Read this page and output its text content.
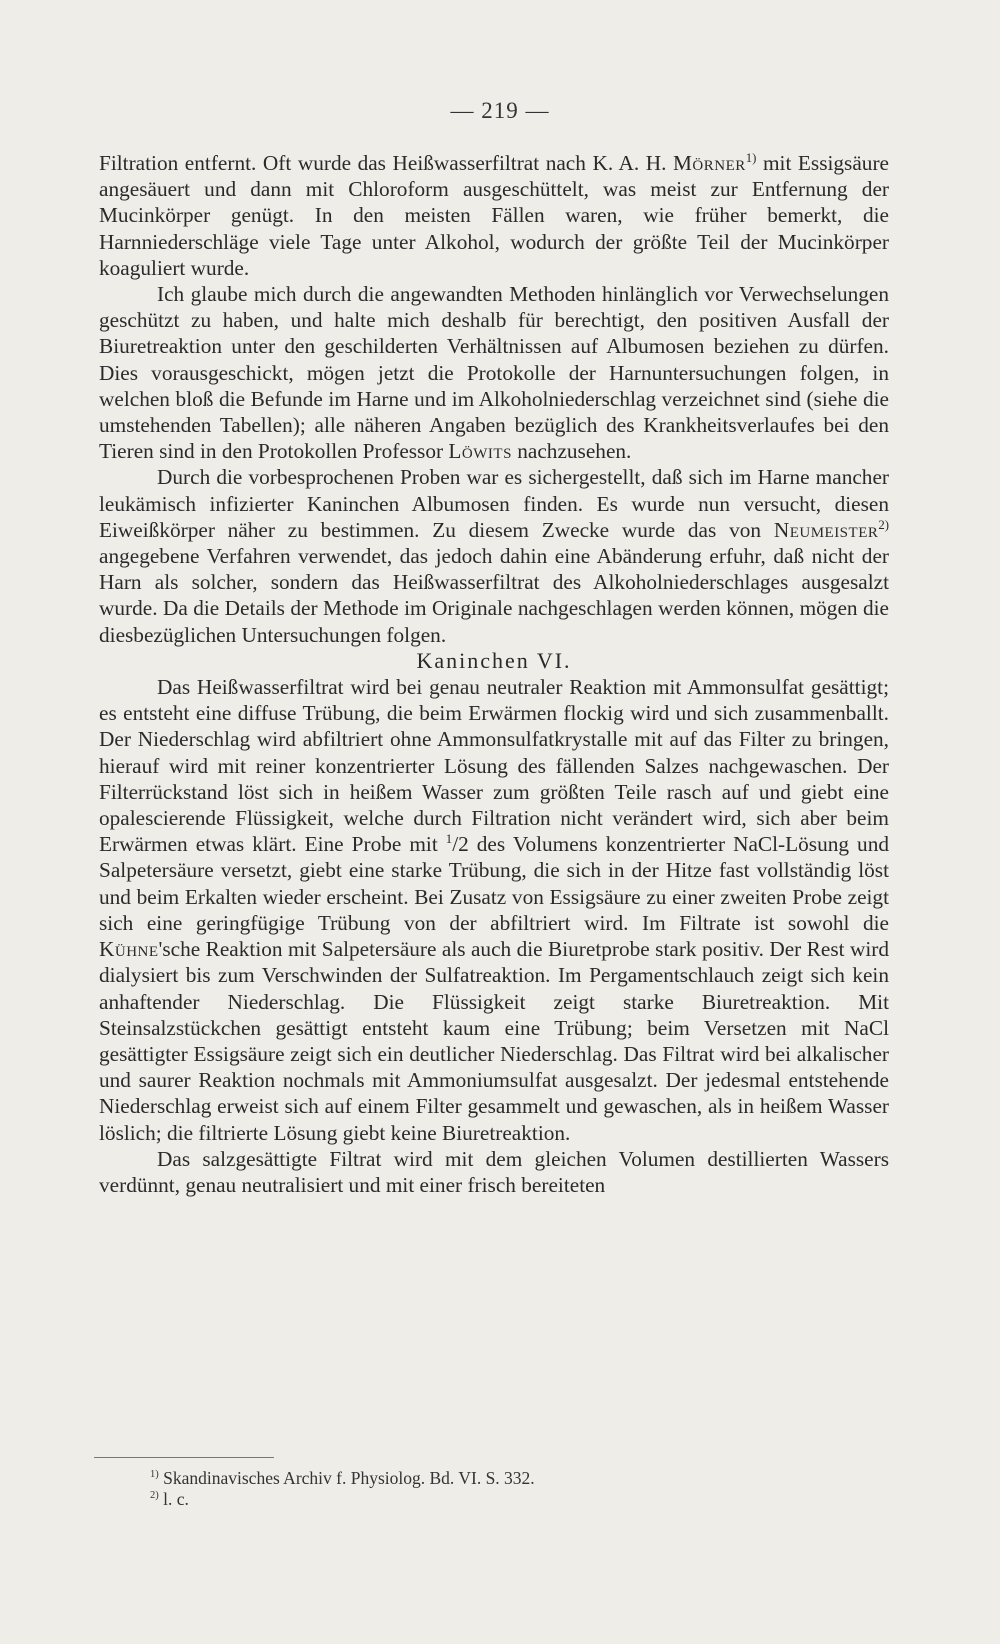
— 219 —

Filtration entfernt. Oft wurde das Heißwasserfiltrat nach K. A. H. Mörner$^{1)}$ mit Essigsäure angesäuert und dann mit Chloroform ausgeschüttelt, was meist zur Entfernung der Mucinkörper genügt. In den meisten Fällen waren, wie früher bemerkt, die Harnniederschläge viele Tage unter Alkohol, wodurch der größte Teil der Mucinkörper koaguliert wurde.

Ich glaube mich durch die angewandten Methoden hinlänglich vor Verwechselungen geschützt zu haben, und halte mich deshalb für berechtigt, den positiven Ausfall der Biuretreaktion unter den geschilderten Verhältnissen auf Albumosen beziehen zu dürfen. Dies vorausgeschickt, mögen jetzt die Protokolle der Harnuntersuchungen folgen, in welchen bloß die Befunde im Harne und im Alkoholniederschlag verzeichnet sind (siehe die umstehenden Tabellen); alle näheren Angaben bezüglich des Krankheitsverlaufes bei den Tieren sind in den Protokollen Professor Löwits nachzusehen.

Durch die vorbesprochenen Proben war es sichergestellt, daß sich im Harne mancher leukämisch infizierter Kaninchen Albumosen finden. Es wurde nun versucht, diesen Eiweißkörper näher zu bestimmen. Zu diesem Zwecke wurde das von Neumeister$^{2)}$ angegebene Verfahren verwendet, das jedoch dahin eine Abänderung erfuhr, daß nicht der Harn als solcher, sondern das Heißwasserfiltrat des Alkoholniederschlages ausgesalzt wurde. Da die Details der Methode im Originale nachgeschlagen werden können, mögen die diesbezüglichen Untersuchungen folgen.

Kaninchen VI.

Das Heißwasserfiltrat wird bei genau neutraler Reaktion mit Ammonsulfat gesättigt; es entsteht eine diffuse Trübung, die beim Erwärmen flockig wird und sich zusammenballt. Der Niederschlag wird abfiltriert ohne Ammonsulfatkrystalle mit auf das Filter zu bringen, hierauf wird mit reiner konzentrierter Lösung des fällenden Salzes nachgewaschen. Der Filterrückstand löst sich in heißem Wasser zum größten Teile rasch auf und giebt eine opalescierende Flüssigkeit, welche durch Filtration nicht verändert wird, sich aber beim Erwärmen etwas klärt. Eine Probe mit $^1$/2 des Volumens konzentrierter NaCl-Lösung und Salpetersäure versetzt, giebt eine starke Trübung, die sich in der Hitze fast vollständig löst und beim Erkalten wieder erscheint. Bei Zusatz von Essigsäure zu einer zweiten Probe zeigt sich eine geringfügige Trübung von der abfiltriert wird. Im Filtrate ist sowohl die Kühne'sche Reaktion mit Salpetersäure als auch die Biuretprobe stark positiv. Der Rest wird dialysiert bis zum Verschwinden der Sulfatreaktion. Im Pergamentschlauch zeigt sich kein anhaftender Niederschlag. Die Flüssigkeit zeigt starke Biuretreaktion. Mit Steinsalzstückchen gesättigt entsteht kaum eine Trübung; beim Versetzen mit NaCl gesättigter Essigsäure zeigt sich ein deutlicher Niederschlag. Das Filtrat wird bei alkalischer und saurer Reaktion nochmals mit Ammoniumsulfat ausgesalzt. Der jedesmal entstehende Niederschlag erweist sich auf einem Filter gesammelt und gewaschen, als in heißem Wasser löslich; die filtrierte Lösung giebt keine Biuretreaktion.

Das salzgesättigte Filtrat wird mit dem gleichen Volumen destillierten Wassers verdünnt, genau neutralisiert und mit einer frisch bereiteten

$^{1)}$ Skandinavisches Archiv f. Physiolog. Bd. VI. S. 332.
$^{2)}$ l. c.
